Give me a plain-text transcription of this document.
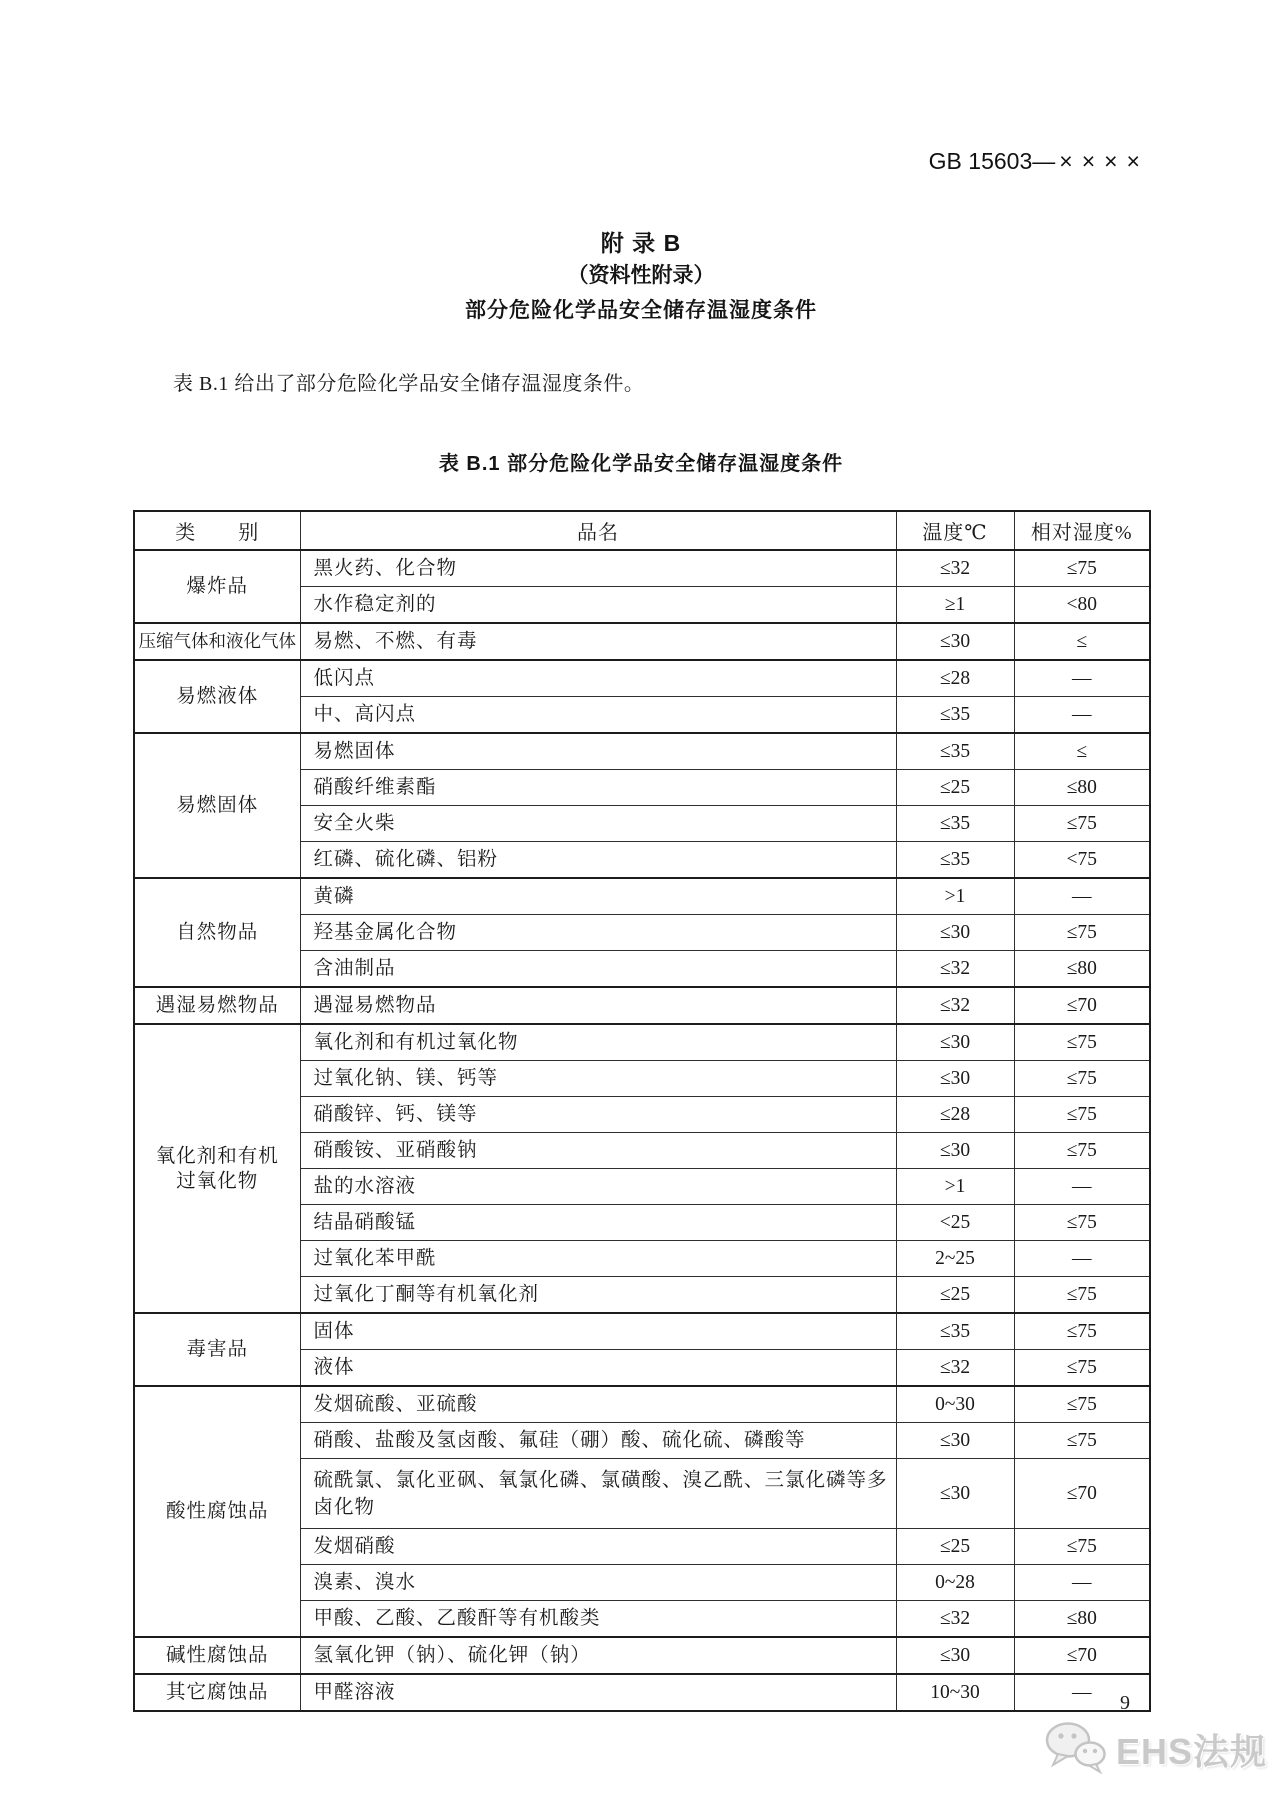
GB 15603— ××××
附 录 B
（资料性附录）
部分危险化学品安全储存温湿度条件

表 B.1 给出了部分危险化学品安全储存温湿度条件。

表 B.1 部分危险化学品安全储存温湿度条件
类　　别	品名	温度℃	相对湿度%

爆炸品	黑火药、化合物	≤32	≤75
	水作稳定剂的	≥1	<80

压缩气体和液化气体	易燃、不燃、有毒	≤30	≤

易燃液体	低闪点	≤28	—
	中、高闪点	≤35	—

易燃固体	易燃固体	≤35	≤
	硝酸纤维素酯	≤25	≤80
	安全火柴	≤35	≤75
	红磷、硫化磷、铝粉	≤35	<75

自然物品	黄磷	>1	—
	羟基金属化合物	≤30	≤75
	含油制品	≤32	≤80

遇湿易燃物品	遇湿易燃物品	≤32	≤70

氧化剂和有机
过氧化物	氧化剂和有机过氧化物	≤30	≤75
	过氧化钠、镁、钙等	≤30	≤75
	硝酸锌、钙、镁等	≤28	≤75
	硝酸铵、亚硝酸钠	≤30	≤75
	盐的水溶液	>1	—
	结晶硝酸锰	<25	≤75
	过氧化苯甲酰	2~25	—
	过氧化丁酮等有机氧化剂	≤25	≤75

毒害品	固体	≤35	≤75
	液体	≤32	≤75

酸性腐蚀品	发烟硫酸、亚硫酸	0~30	≤75
	硝酸、盐酸及氢卤酸、氟硅（硼）酸、硫化硫、磷酸等	≤30	≤75
	硫酰氯、氯化亚砜、氧氯化磷、氯磺酸、溴乙酰、三氯化磷等多卤化物	≤30	≤70
	发烟硝酸	≤25	≤75
	溴素、溴水	0~28	—
	甲酸、乙酸、乙酸酐等有机酸类	≤32	≤80

碱性腐蚀品	氢氧化钾（钠）、硫化钾（钠）	≤30	≤70

其它腐蚀品	甲醛溶液	10~30	— 9
EHS法规
